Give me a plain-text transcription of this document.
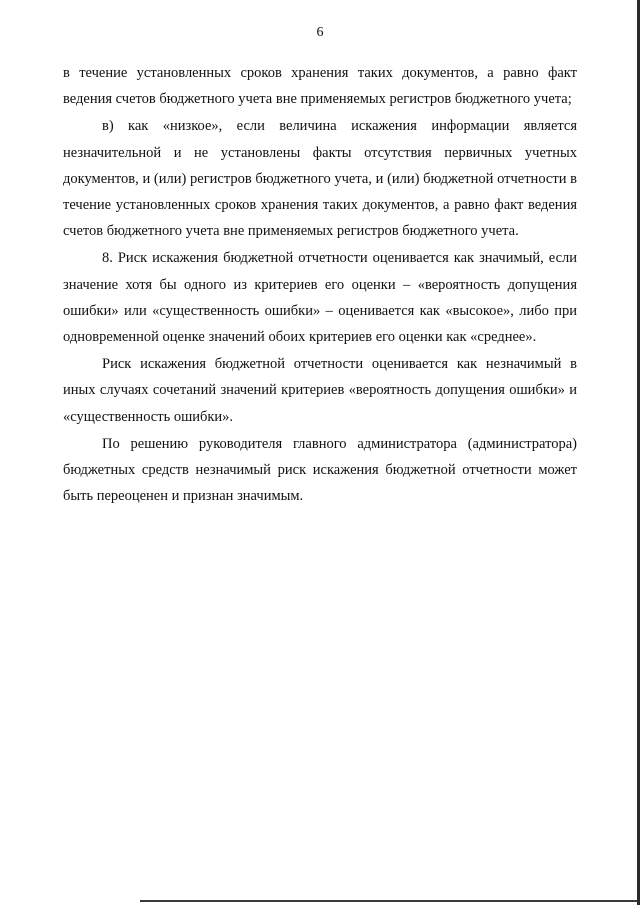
6

в течение установленных сроков хранения таких документов, а равно факт ведения счетов бюджетного учета вне применяемых регистров бюджетного учета;

в) как «низкое», если величина искажения информации является незначительной и не установлены факты отсутствия первичных учетных документов, и (или) регистров бюджетного учета, и (или) бюджетной отчетности в течение установленных сроков хранения таких документов, а равно факт ведения счетов бюджетного учета вне применяемых регистров бюджетного учета.

8. Риск искажения бюджетной отчетности оценивается как значимый, если значение хотя бы одного из критериев его оценки – «вероятность допущения ошибки» или «существенность ошибки» – оценивается как «высокое», либо при одновременной оценке значений обоих критериев его оценки как «среднее».

Риск искажения бюджетной отчетности оценивается как незначимый в иных случаях сочетаний значений критериев «вероятность допущения ошибки» и «существенность ошибки».

По решению руководителя главного администратора (администратора) бюджетных средств незначимый риск искажения бюджетной отчетности может быть переоценен и признан значимым.
